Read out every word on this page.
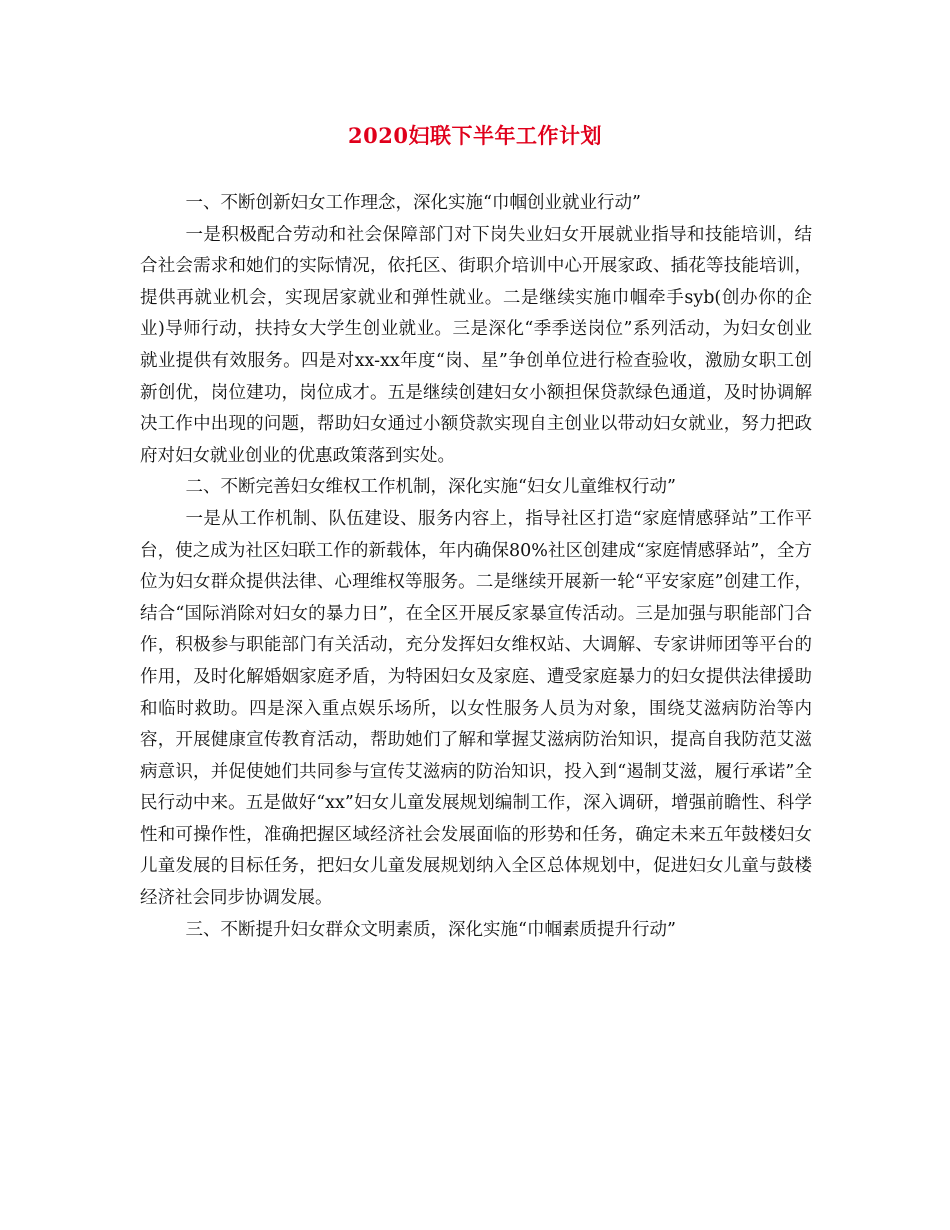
2020妇联下半年工作计划

一、不断创新妇女工作理念，深化实施“巾帼创业就业行动”

一是积极配合劳动和社会保障部门对下岗失业妇女开展就业指导和技能培训，结合社会需求和她们的实际情况，依托区、街职介培训中心开展家政、插花等技能培训，提供再就业机会，实现居家就业和弹性就业。二是继续实施巾帼牵手syb(创办你的企业)导师行动，扶持女大学生创业就业。三是深化“季季送岗位”系列活动，为妇女创业就业提供有效服务。四是对xx-xx年度“岗、星”争创单位进行检查验收，激励女职工创新创优，岗位建功，岗位成才。五是继续创建妇女小额担保贷款绿色通道，及时协调解决工作中出现的问题，帮助妇女通过小额贷款实现自主创业以带动妇女就业，努力把政府对妇女就业创业的优惠政策落到实处。

二、不断完善妇女维权工作机制，深化实施“妇女儿童维权行动”

一是从工作机制、队伍建设、服务内容上，指导社区打造“家庭情感驿站”工作平台，使之成为社区妇联工作的新载体，年内确保80%社区创建成“家庭情感驿站”，全方位为妇女群众提供法律、心理维权等服务。二是继续开展新一轮“平安家庭”创建工作，结合“国际消除对妇女的暴力日”，在全区开展反家暴宣传活动。三是加强与职能部门合作，积极参与职能部门有关活动，充分发挥妇女维权站、大调解、专家讲师团等平台的作用，及时化解婚姻家庭矛盾，为特困妇女及家庭、遭受家庭暴力的妇女提供法律援助和临时救助。四是深入重点娱乐场所，以女性服务人员为对象，围绕艾滋病防治等内容，开展健康宣传教育活动，帮助她们了解和掌握艾滋病防治知识，提高自我防范艾滋病意识，并促使她们共同参与宣传艾滋病的防治知识，投入到“遏制艾滋，履行承诺”全民行动中来。五是做好“xx”妇女儿童发展规划编制工作，深入调研，增强前瞻性、科学性和可操作性，准确把握区域经济社会发展面临的形势和任务，确定未来五年鼓楼妇女儿童发展的目标任务，把妇女儿童发展规划纳入全区总体规划中，促进妇女儿童与鼓楼经济社会同步协调发展。

三、不断提升妇女群众文明素质，深化实施“巾帼素质提升行动”
